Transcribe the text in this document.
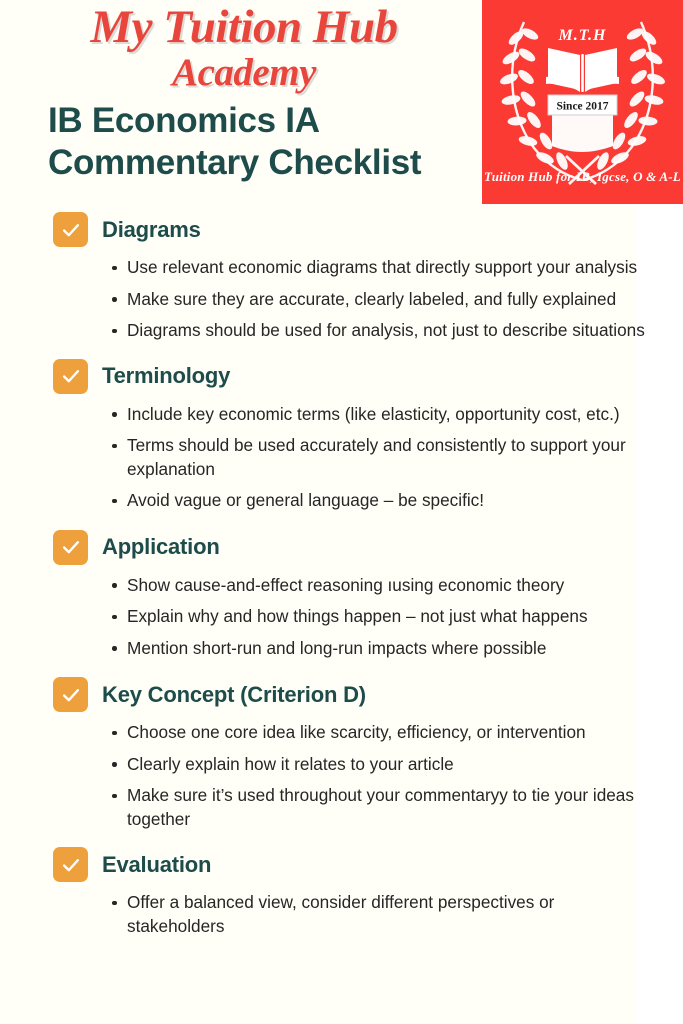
My Tuition Hub
Academy
IB Economics IA
Commentary Checklist
M.T.H
Since 2017
Tuition Hub for IB, Igcse, O & A-L
Diagrams
Use relevant economic diagrams that directly support your analysis
Make sure they are accurate, clearly labeled, and fully explained
Diagrams should be used for analysis, not just to describe situations
Terminology
Include key economic terms (like elasticity, opportunity cost, etc.)
Terms should be used accurately and consistently to support your explanation
Avoid vague or general language – be specific!
Application
Show cause-and-effect reasoning ıusing economic theory
Explain why and how things happen – not just what happens
Mention short-run and long-run impacts where possible
Key Concept (Criterion D)
Choose one core idea like scarcity, efficiency, or intervention
Clearly explain how it relates to your article
Make sure it’s used throughout your commentaryy to tie your ideas together
Evaluation
Offer a balanced view, consider different perspectives or stakeholders
